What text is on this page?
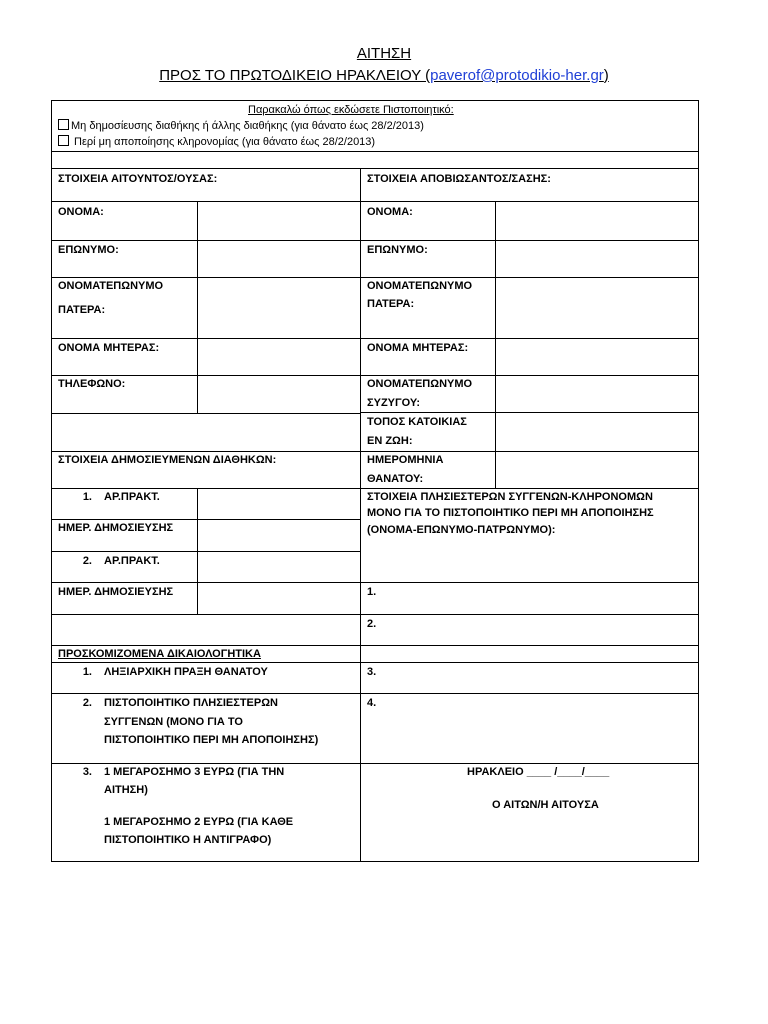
ΑΙΤΗΣΗ
ΠΡΟΣ ΤΟ ΠΡΩΤΟΔΙΚΕΙΟ ΗΡΑΚΛΕΙΟΥ (paverof@protodikio-her.gr)
Παρακαλώ όπως εκδώσετε Πιστοποιητικό:
Μη δημοσίευσης διαθήκης ή άλλης διαθήκης (για θάνατο έως 28/2/2013)
Περί μη αποποίησης κληρονομίας (για θάνατο έως 28/2/2013)
ΣΤΟΙΧΕΙΑ ΑΙΤΟΥΝΤΟΣ/ΟΥΣΑΣ:
ΟΝΟΜΑ:
ΕΠΩΝΥΜΟ:
ΟΝΟΜΑΤΕΠΩΝΥΜΟ
ΠΑΤΕΡΑ:
ΟΝΟΜΑ ΜΗΤΕΡΑΣ:
ΤΗΛΕΦΩΝΟ:
ΣΤΟΙΧΕΙΑ ΑΠΟΒΙΩΣΑΝΤΟΣ/ΣΑΣΗΣ:
ΟΝΟΜΑ:
ΕΠΩΝΥΜΟ:
ΟΝΟΜΑΤΕΠΩΝΥΜΟ
ΠΑΤΕΡΑ:
ΟΝΟΜΑ ΜΗΤΕΡΑΣ:
ΟΝΟΜΑΤΕΠΩΝΥΜΟ
ΣΥΖΥΓΟΥ:
ΤΟΠΟΣ ΚΑΤΟΙΚΙΑΣ
ΕΝ ΖΩΗ:
ΗΜΕΡΟΜΗΝΙΑ
ΘΑΝΑΤΟΥ:
ΣΤΟΙΧΕΙΑ ΔΗΜΟΣΙΕΥΜΕΝΩΝ ΔΙΑΘΗΚΩΝ:
1. ΑΡ.ΠΡΑΚΤ.
ΗΜΕΡ. ΔΗΜΟΣΙΕΥΣΗΣ
2. ΑΡ.ΠΡΑΚΤ.
ΗΜΕΡ. ΔΗΜΟΣΙΕΥΣΗΣ
ΣΤΟΙΧΕΙΑ ΠΛΗΣΙΕΣΤΕΡΩΝ ΣΥΓΓΕΝΩΝ-ΚΛΗΡΟΝΟΜΩΝ
ΜΟΝΟ ΓΙΑ ΤΟ ΠΙΣΤΟΠΟΙΗΤΙΚΟ ΠΕΡΙ ΜΗ ΑΠΟΠΟΙΗΣΗΣ
(ΟΝΟΜΑ-ΕΠΩΝΥΜΟ-ΠΑΤΡΩΝΥΜΟ):
1.
2.
3.
4.
ΠΡΟΣΚΟΜΙΖΟΜΕΝΑ ΔΙΚΑΙΟΛΟΓΗΤΙΚΑ
1. ΛΗΞΙΑΡΧΙΚΗ ΠΡΑΞΗ ΘΑΝΑΤΟΥ
2. ΠΙΣΤΟΠΟΙΗΤΙΚΟ ΠΛΗΣΙΕΣΤΕΡΩΝ
ΣΥΓΓΕΝΩΝ (ΜΟΝΟ ΓΙΑ ΤΟ
ΠΙΣΤΟΠΟΙΗΤΙΚΟ ΠΕΡΙ ΜΗ ΑΠΟΠΟΙΗΣΗΣ)
3. 1 ΜΕΓΑΡΟΣΗΜΟ 3 ΕΥΡΩ (ΓΙΑ ΤΗΝ
ΑΙΤΗΣΗ)
1 ΜΕΓΑΡΟΣΗΜΟ 2 ΕΥΡΩ (ΓΙΑ ΚΑΘΕ
ΠΙΣΤΟΠΟΙΗΤΙΚΟ Η ΑΝΤΙΓΡΑΦΟ)
ΗΡΑΚΛΕΙΟ ____ /____/____
Ο ΑΙΤΩΝ/Η ΑΙΤΟΥΣΑ
